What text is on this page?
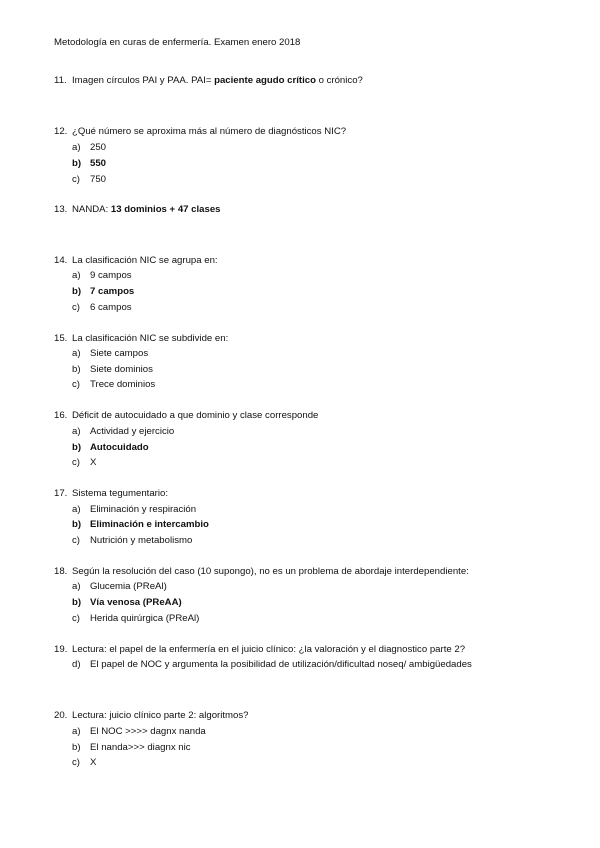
Metodología en curas de enfermería. Examen enero 2018
11. Imagen círculos PAI y PAA. PAI= paciente agudo crítico o crónico?
12. ¿Qué número se aproxima más al número de diagnósticos NIC?
a) 250
b) 550
c) 750
13. NANDA: 13 dominios + 47 clases
14. La clasificación NIC se agrupa en:
a) 9 campos
b) 7 campos
c) 6 campos
15. La clasificación NIC se subdivide en:
a) Siete campos
b) Siete dominios
c) Trece dominios
16. Déficit de autocuidado a que dominio y clase corresponde
a) Actividad y ejercicio
b) Autocuidado
c) X
17. Sistema tegumentario:
a) Eliminación y respiración
b) Eliminación e intercambio
c) Nutrición y metabolismo
18. Según la resolución del caso (10 supongo), no es un problema de abordaje interdependiente:
a) Glucemia (PReAl)
b) Vía venosa (PReAA)
c) Herida quirúrgica (PReAl)
19. Lectura: el papel de la enfermería en el juicio clínico: ¿la valoración y el diagnostico parte 2?
d) El papel de NOC y argumenta la posibilidad de utilización/dificultad noseq/ ambigüedades
20. Lectura: juicio clínico parte 2: algoritmos?
a) El NOC >>>> dagnx nanda
b) El nanda>>> diagnx nic
c) X
